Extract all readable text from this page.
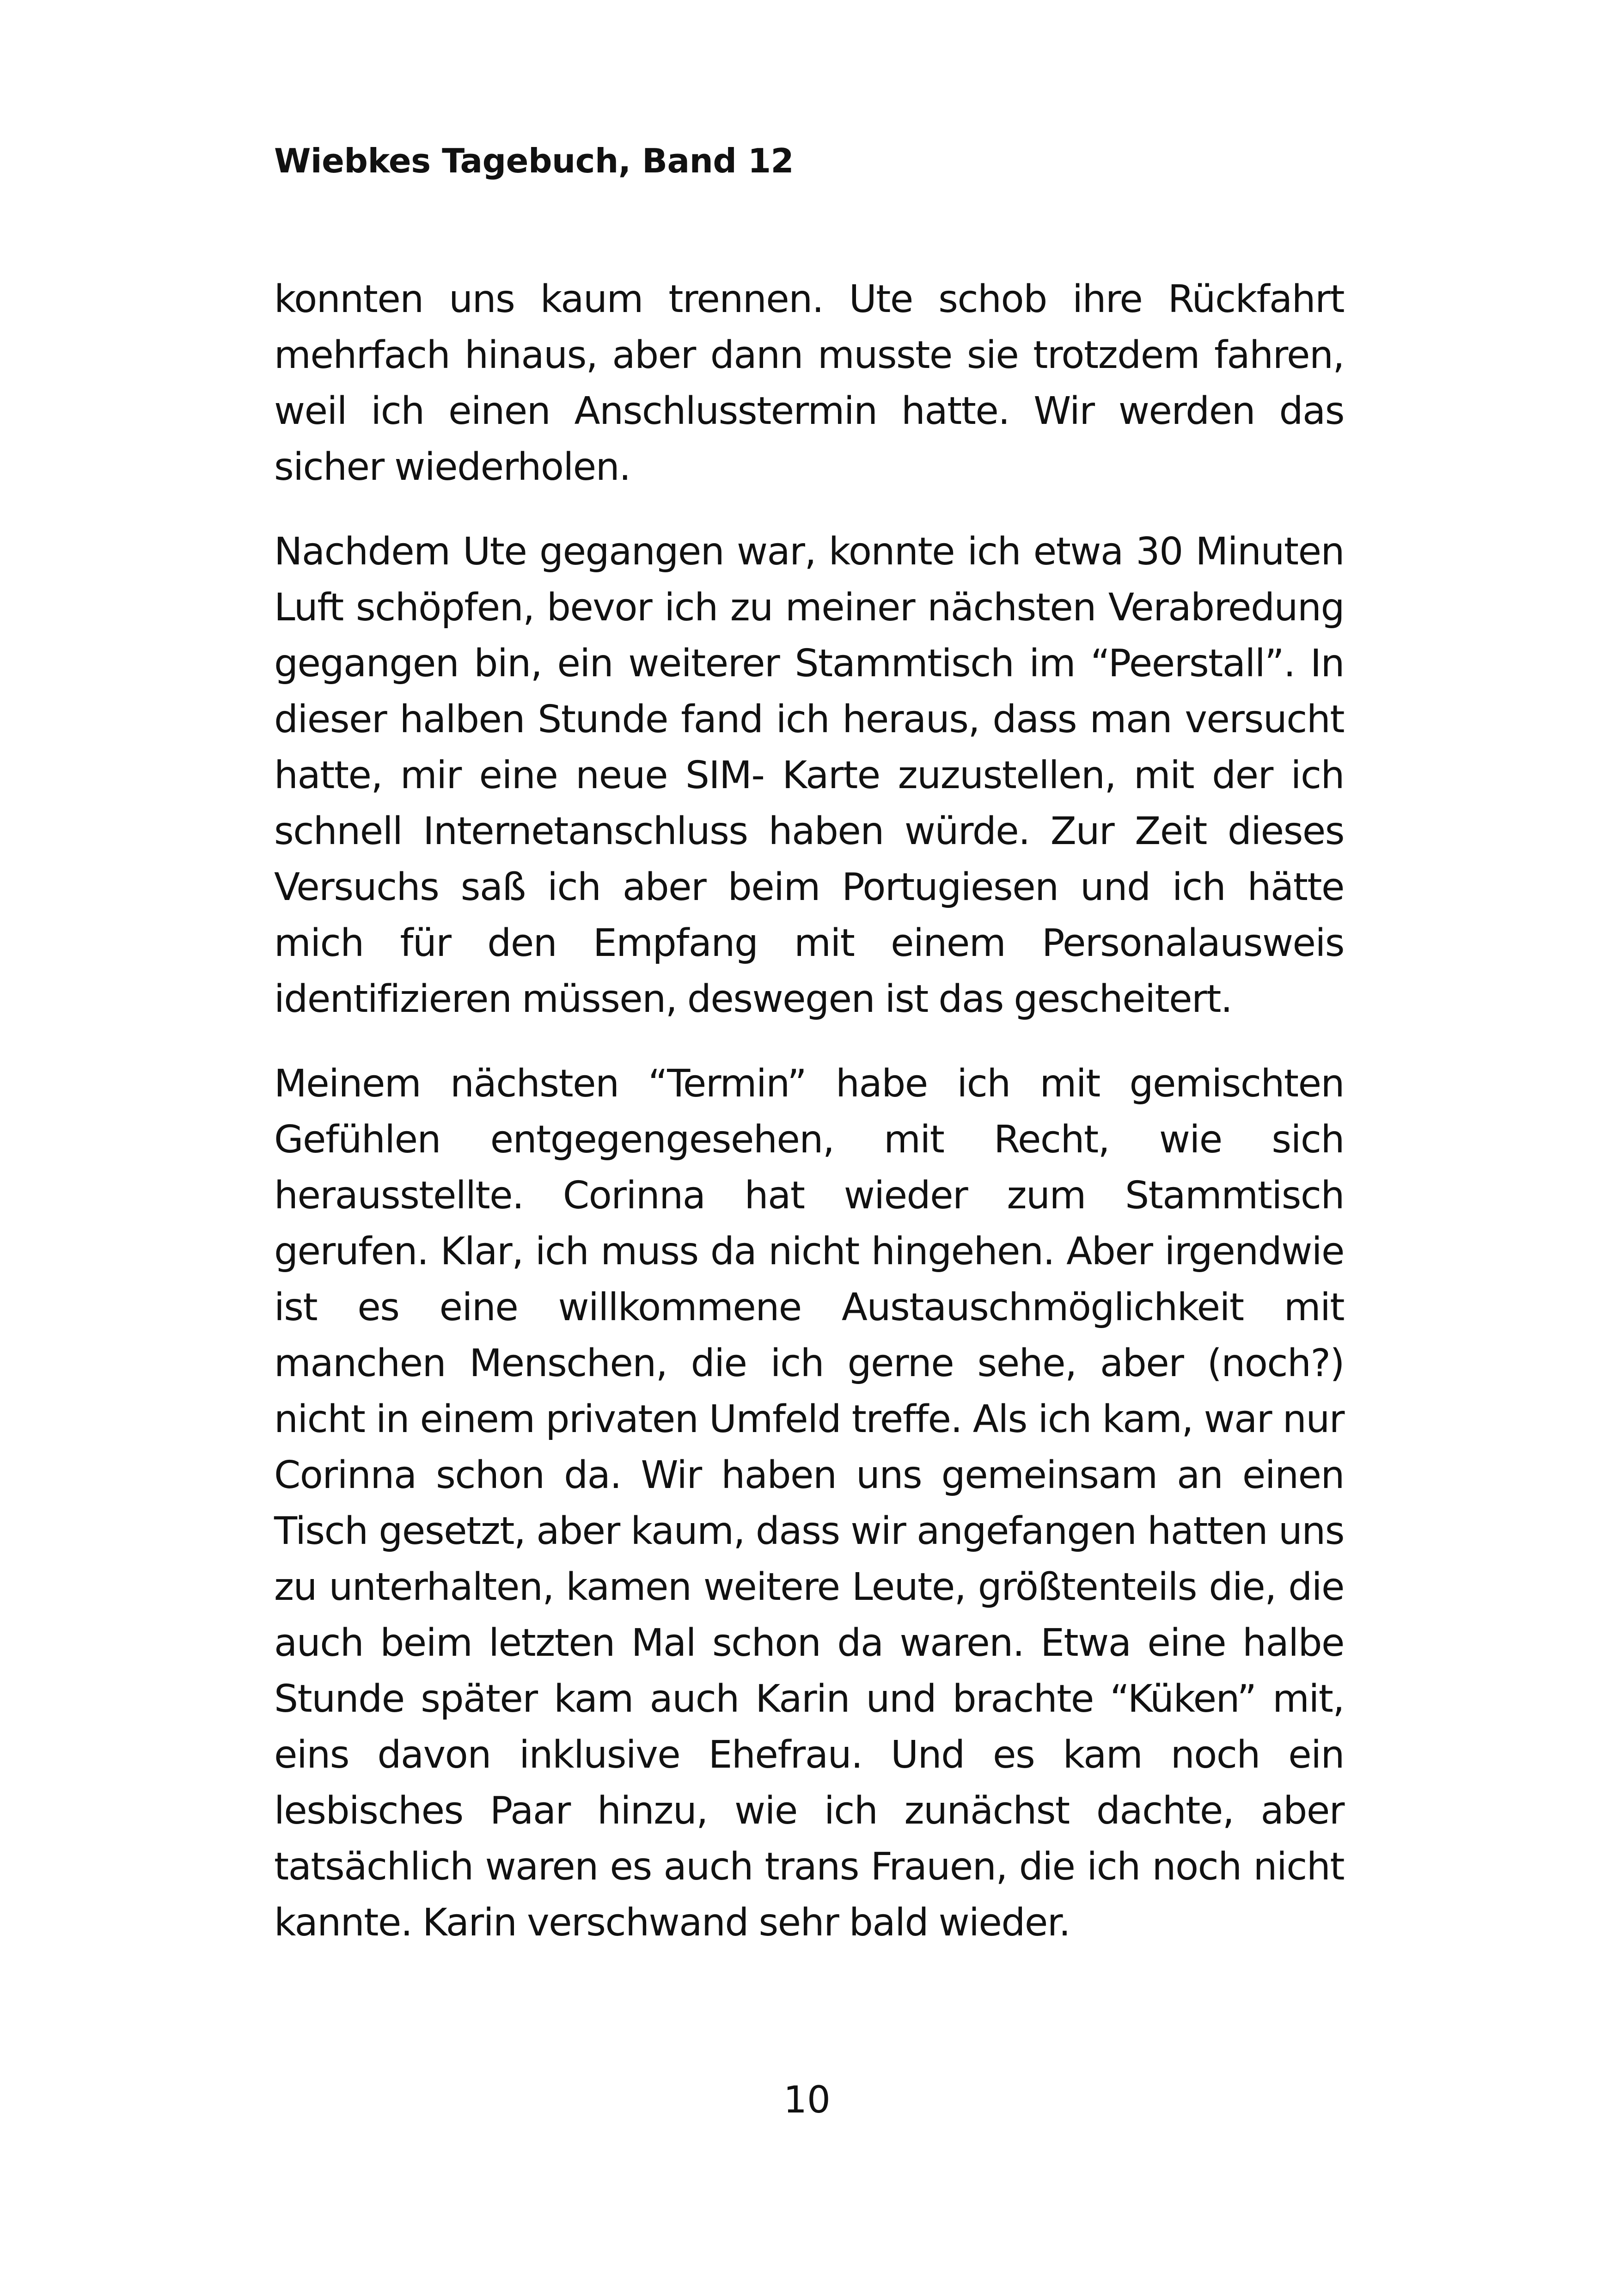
Wiebkes Tagebuch, Band 12

konnten uns kaum trennen. Ute schob ihre Rückfahrt mehrfach hinaus, aber dann musste sie trotzdem fahren, weil ich einen Anschlusstermin hatte. Wir werden das sicher wiederholen.

Nachdem Ute gegangen war, konnte ich etwa 30 Minuten Luft schöpfen, bevor ich zu meiner nächsten Verabredung gegangen bin, ein weiterer Stammtisch im “Peerstall”. In dieser halben Stunde fand ich heraus, dass man versucht hatte, mir eine neue SIM- Karte zuzustellen, mit der ich schnell Internetanschluss haben würde. Zur Zeit dieses Versuchs saß ich aber beim Portugiesen und ich hätte mich für den Empfang mit einem Personalausweis identifizieren müssen, deswegen ist das gescheitert.

Meinem nächsten “Termin” habe ich mit gemischten Gefühlen entgegengesehen, mit Recht, wie sich herausstellte. Corinna hat wieder zum Stammtisch gerufen. Klar, ich muss da nicht hingehen. Aber irgendwie ist es eine willkommene Austauschmöglichkeit mit manchen Menschen, die ich gerne sehe, aber (noch?) nicht in einem privaten Umfeld treffe. Als ich kam, war nur Corinna schon da. Wir haben uns gemeinsam an einen Tisch gesetzt, aber kaum, dass wir angefangen hatten uns zu unterhalten, kamen weitere Leute, größtenteils die, die auch beim letzten Mal schon da waren. Etwa eine halbe Stunde später kam auch Karin und brachte “Küken” mit, eins davon inklusive Ehefrau. Und es kam noch ein lesbisches Paar hinzu, wie ich zunächst dachte, aber tatsächlich waren es auch trans Frauen, die ich noch nicht kannte. Karin verschwand sehr bald wieder.

10
